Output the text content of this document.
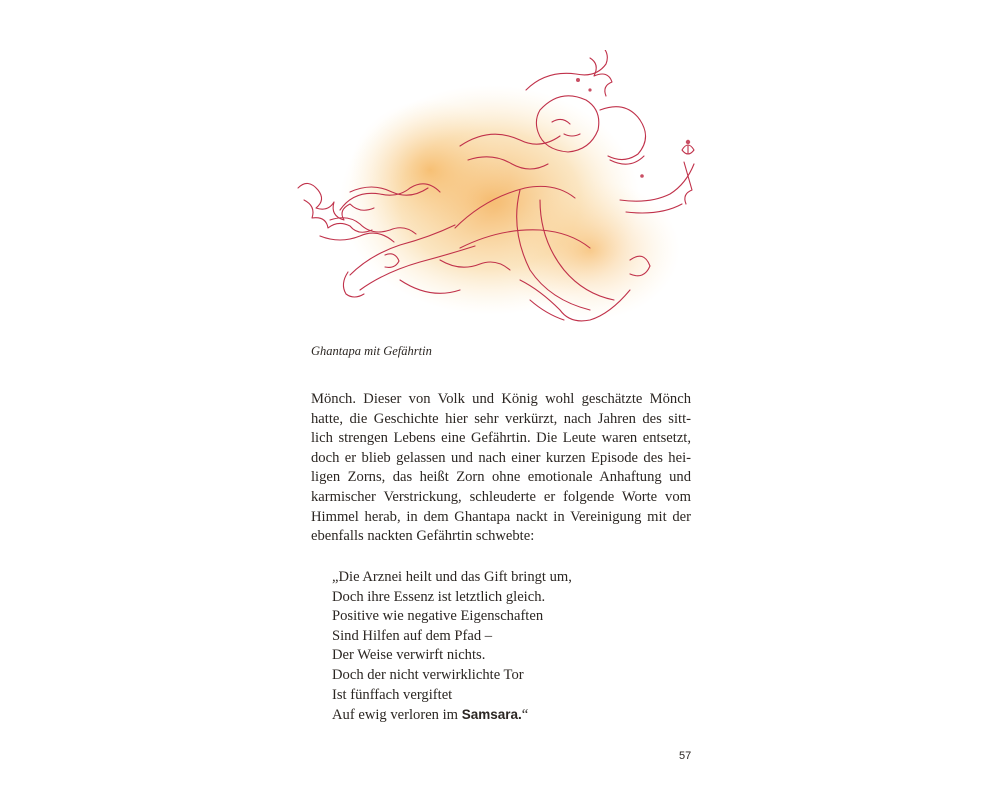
Ghantapa mit Gefährtin
Mönch. Dieser von Volk und König wohl geschätzte Mönch
hatte, die Geschichte hier sehr verkürzt, nach Jahren des sitt-
lich strengen Lebens eine Gefährtin. Die Leute waren entsetzt,
doch er blieb gelassen und nach einer kurzen Episode des hei-
ligen Zorns, das heißt Zorn ohne emotionale Anhaftung und
karmischer Verstrickung, schleuderte er folgende Worte vom
Himmel herab, in dem Ghantapa nackt in Vereinigung mit der
ebenfalls nackten Gefährtin schwebte:
„Die Arznei heilt und das Gift bringt um,
Doch ihre Essenz ist letztlich gleich.
Positive wie negative Eigenschaften
Sind Hilfen auf dem Pfad –
Der Weise verwirft nichts.
Doch der nicht verwirklichte Tor
Ist fünffach vergiftet
Auf ewig verloren im Samsara.“
57
